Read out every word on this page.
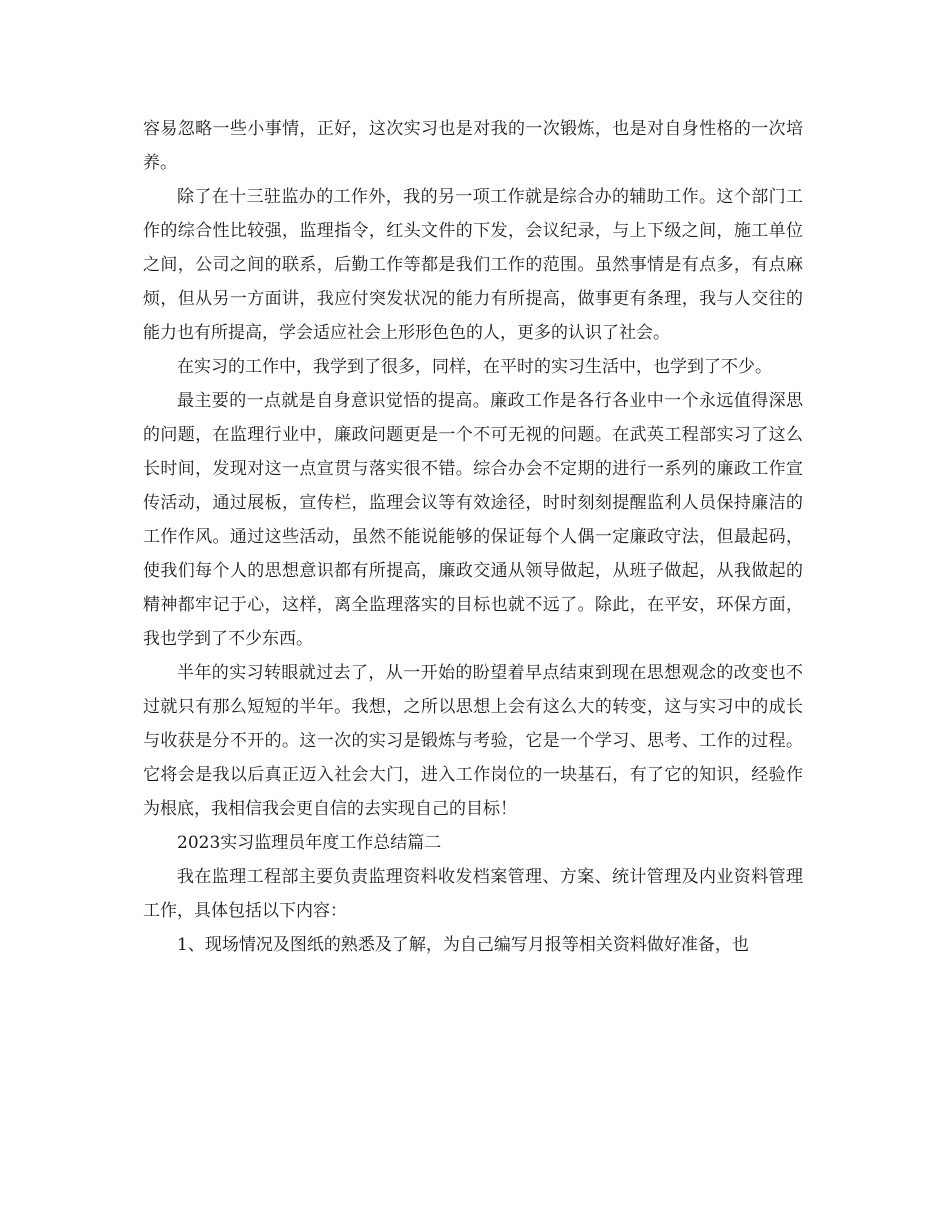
容易忽略一些小事情，正好，这次实习也是对我的一次锻炼，也是对自身性格的一次培养。

除了在十三驻监办的工作外，我的另一项工作就是综合办的辅助工作。这个部门工作的综合性比较强，监理指令，红头文件的下发，会议纪录，与上下级之间，施工单位之间，公司之间的联系，后勤工作等都是我们工作的范围。虽然事情是有点多，有点麻烦，但从另一方面讲，我应付突发状况的能力有所提高，做事更有条理，我与人交往的能力也有所提高，学会适应社会上形形色色的人，更多的认识了社会。

在实习的工作中，我学到了很多，同样，在平时的实习生活中，也学到了不少。

最主要的一点就是自身意识觉悟的提高。廉政工作是各行各业中一个永远值得深思的问题，在监理行业中，廉政问题更是一个不可无视的问题。在武英工程部实习了这么长时间，发现对这一点宣贯与落实很不错。综合办会不定期的进行一系列的廉政工作宣传活动，通过展板，宣传栏，监理会议等有效途径，时时刻刻提醒监利人员保持廉洁的工作作风。通过这些活动，虽然不能说能够的保证每个人偶一定廉政守法，但最起码，使我们每个人的思想意识都有所提高，廉政交通从领导做起，从班子做起，从我做起的精神都牢记于心，这样，离全监理落实的目标也就不远了。除此，在平安，环保方面，我也学到了不少东西。

半年的实习转眼就过去了，从一开始的盼望着早点结束到现在思想观念的改变也不过就只有那么短短的半年。我想，之所以思想上会有这么大的转变，这与实习中的成长与收获是分不开的。这一次的实习是锻炼与考验，它是一个学习、思考、工作的过程。它将会是我以后真正迈入社会大门，进入工作岗位的一块基石，有了它的知识，经验作为根底，我相信我会更自信的去实现自己的目标！

2023实习监理员年度工作总结篇二

我在监理工程部主要负责监理资料收发档案管理、方案、统计管理及内业资料管理工作，具体包括以下内容：

1、现场情况及图纸的熟悉及了解，为自己编写月报等相关资料做好准备，也
